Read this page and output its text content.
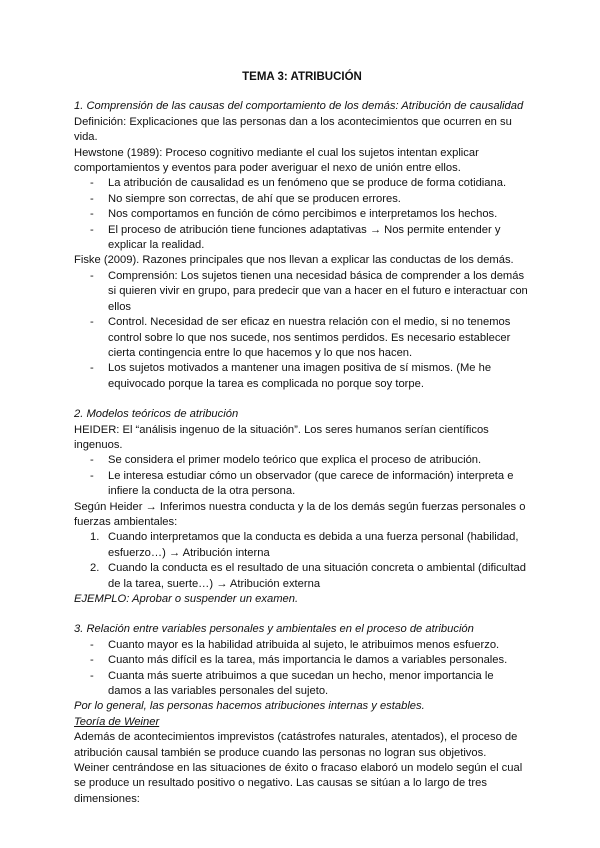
TEMA 3: ATRIBUCIÓN

1. Comprensión de las causas del comportamiento de los demás: Atribución de causalidad

Definición: Explicaciones que las personas dan a los acontecimientos que ocurren en su vida.

Hewstone (1989): Proceso cognitivo mediante el cual los sujetos intentan explicar comportamientos y eventos para poder averiguar el nexo de unión entre ellos.

- La atribución de causalidad es un fenómeno que se produce de forma cotidiana.
- No siempre son correctas, de ahí que se producen errores.
- Nos comportamos en función de cómo percibimos e interpretamos los hechos.
- El proceso de atribución tiene funciones adaptativas → Nos permite entender y explicar la realidad.

Fiske (2009). Razones principales que nos llevan a explicar las conductas de los demás.

- Comprensión: Los sujetos tienen una necesidad básica de comprender a los demás si quieren vivir en grupo, para predecir que van a hacer en el futuro e interactuar con ellos
- Control. Necesidad de ser eficaz en nuestra relación con el medio, si no tenemos control sobre lo que nos sucede, nos sentimos perdidos. Es necesario establecer cierta contingencia entre lo que hacemos y lo que nos hacen.
- Los sujetos motivados a mantener una imagen positiva de sí mismos. (Me he equivocado porque la tarea es complicada no porque soy torpe.

2. Modelos teóricos de atribución

HEIDER: El “análisis ingenuo de la situación”. Los seres humanos serían científicos ingenuos.

- Se considera el primer modelo teórico que explica el proceso de atribución.
- Le interesa estudiar cómo un observador (que carece de información) interpreta e infiere la conducta de la otra persona.

Según Heider → Inferimos nuestra conducta y la de los demás según fuerzas personales o fuerzas ambientales:

1. Cuando interpretamos que la conducta es debida a una fuerza personal (habilidad, esfuerzo…) → Atribución interna
2. Cuando la conducta es el resultado de una situación concreta o ambiental (dificultad de la tarea, suerte…) → Atribución externa

EJEMPLO: Aprobar o suspender un examen.

3. Relación entre variables personales y ambientales en el proceso de atribución

- Cuanto mayor es la habilidad atribuida al sujeto, le atribuimos menos esfuerzo.
- Cuanto más difícil es la tarea, más importancia le damos a variables personales.
- Cuanta más suerte atribuimos a que sucedan un hecho, menor importancia le damos a las variables personales del sujeto.

Por lo general, las personas hacemos atribuciones internas y estables.

Teoría de Weiner

Además de acontecimientos imprevistos (catástrofes naturales, atentados), el proceso de atribución causal también se produce cuando las personas no logran sus objetivos.

Weiner centrándose en las situaciones de éxito o fracaso elaboró un modelo según el cual se produce un resultado positivo o negativo. Las causas se sitúan a lo largo de tres dimensiones:
